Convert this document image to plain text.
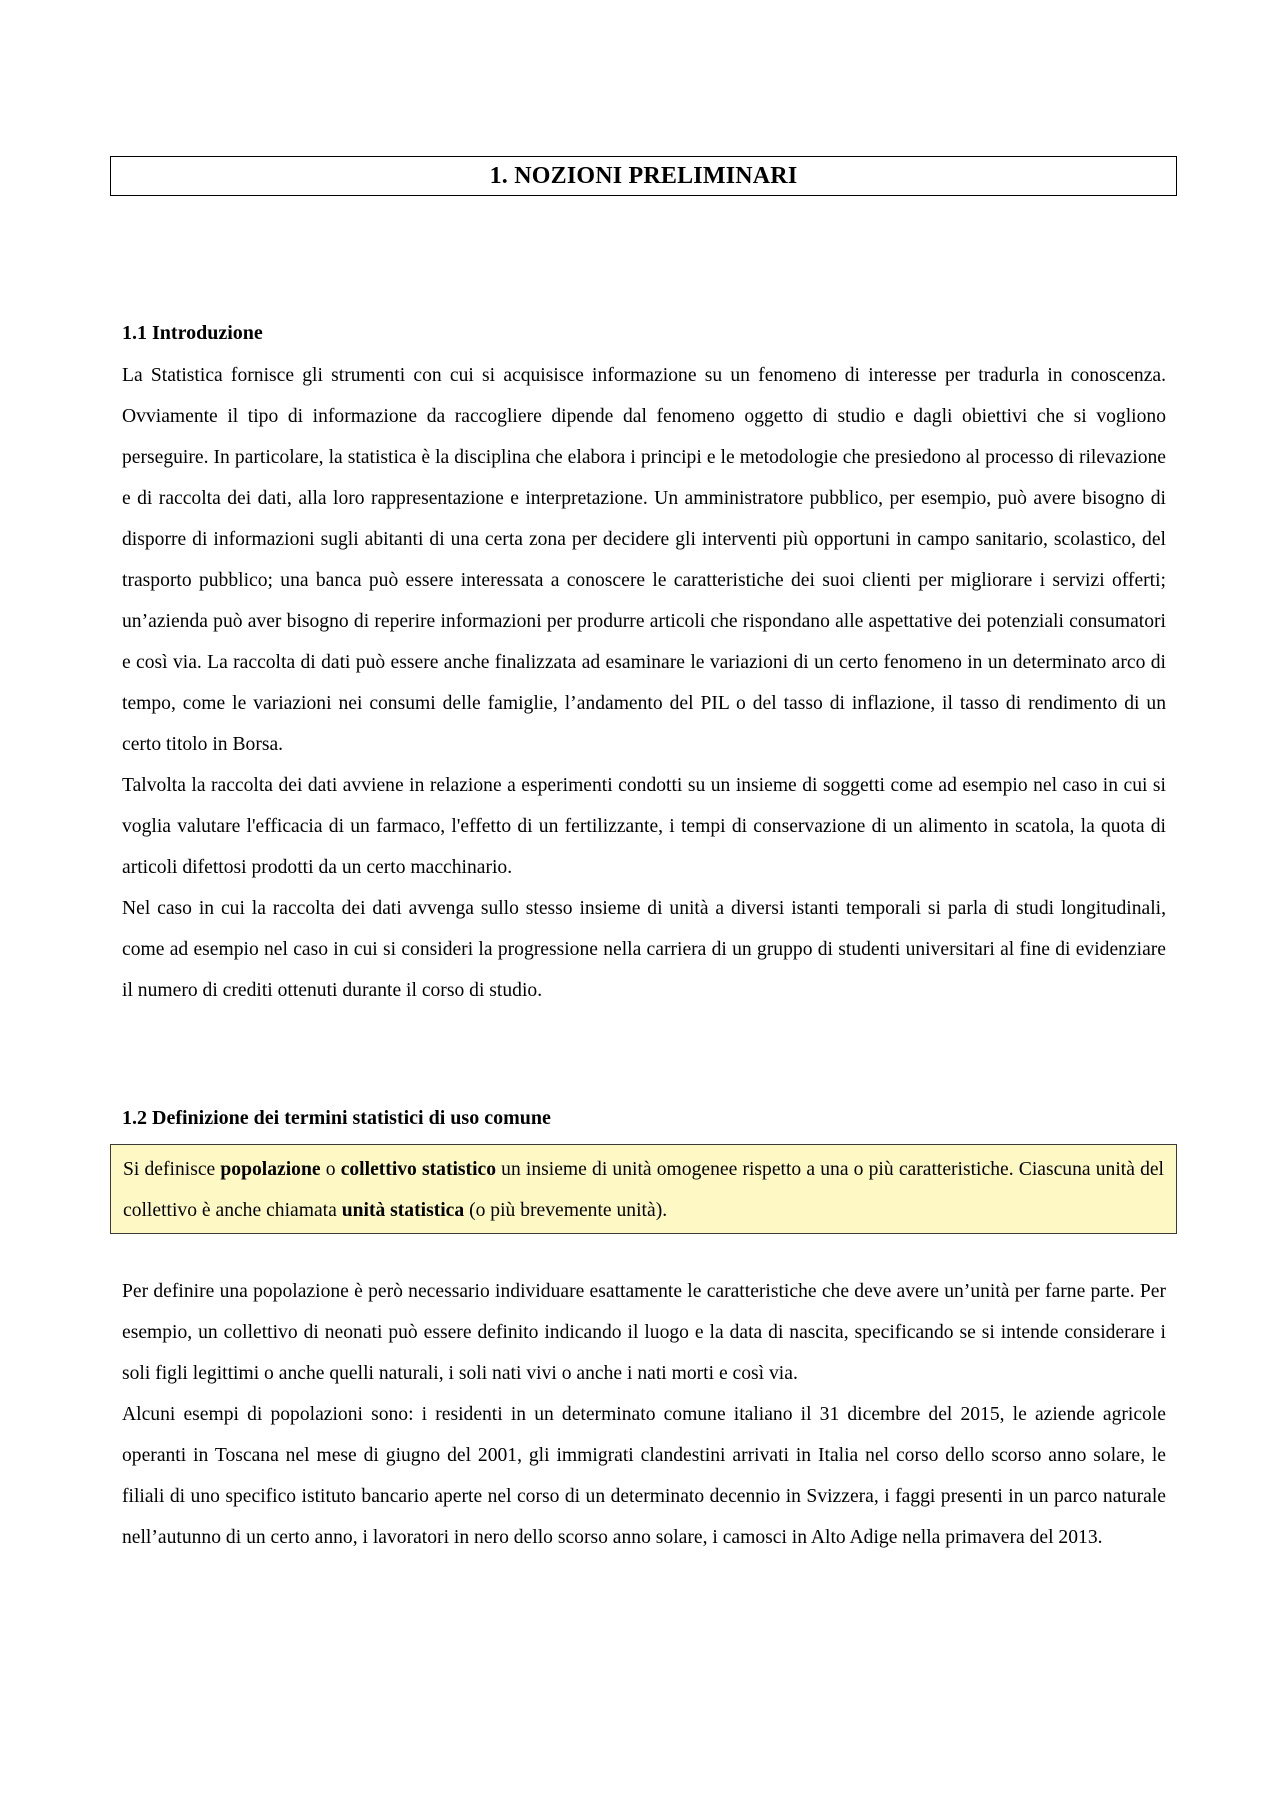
1. NOZIONI PRELIMINARI
1.1 Introduzione

La Statistica fornisce gli strumenti con cui si acquisisce informazione su un fenomeno di interesse per tradurla in conoscenza. Ovviamente il tipo di informazione da raccogliere dipende dal fenomeno oggetto di studio e dagli obiettivi che si vogliono perseguire. In particolare, la statistica è la disciplina che elabora i principi e le metodologie che presiedono al processo di rilevazione e di raccolta dei dati, alla loro rappresentazione e interpretazione. Un amministratore pubblico, per esempio, può avere bisogno di disporre di informazioni sugli abitanti di una certa zona per decidere gli interventi più opportuni in campo sanitario, scolastico, del trasporto pubblico; una banca può essere interessata a conoscere le caratteristiche dei suoi clienti per migliorare i servizi offerti; un’azienda può aver bisogno di reperire informazioni per produrre articoli che rispondano alle aspettative dei potenziali consumatori e così via. La raccolta di dati può essere anche finalizzata ad esaminare le variazioni di un certo fenomeno in un determinato arco di tempo, come le variazioni nei consumi delle famiglie, l’andamento del PIL o del tasso di inflazione, il tasso di rendimento di un certo titolo in Borsa.

Talvolta la raccolta dei dati avviene in relazione a esperimenti condotti su un insieme di soggetti come ad esempio nel caso in cui si voglia valutare l'efficacia di un farmaco, l'effetto di un fertilizzante, i tempi di conservazione di un alimento in scatola, la quota di articoli difettosi prodotti da un certo macchinario.

Nel caso in cui la raccolta dei dati avvenga sullo stesso insieme di unità a diversi istanti temporali si parla di studi longitudinali, come ad esempio nel caso in cui si consideri la progressione nella carriera di un gruppo di studenti universitari al fine di evidenziare il numero di crediti ottenuti durante il corso di studio.

1.2 Definizione dei termini statistici di uso comune

Si definisce popolazione o collettivo statistico un insieme di unità omogenee rispetto a una o più caratteristiche. Ciascuna unità del collettivo è anche chiamata unità statistica (o più brevemente unità).

Per definire una popolazione è però necessario individuare esattamente le caratteristiche che deve avere un’unità per farne parte. Per esempio, un collettivo di neonati può essere definito indicando il luogo e la data di nascita, specificando se si intende considerare i soli figli legittimi o anche quelli naturali, i soli nati vivi o anche i nati morti e così via.

Alcuni esempi di popolazioni sono: i residenti in un determinato comune italiano il 31 dicembre del 2015, le aziende agricole operanti in Toscana nel mese di giugno del 2001, gli immigrati clandestini arrivati in Italia nel corso dello scorso anno solare, le filiali di uno specifico istituto bancario aperte nel corso di un determinato decennio in Svizzera, i faggi presenti in un parco naturale nell’autunno di un certo anno, i lavoratori in nero dello scorso anno solare, i camosci in Alto Adige nella primavera del 2013.
